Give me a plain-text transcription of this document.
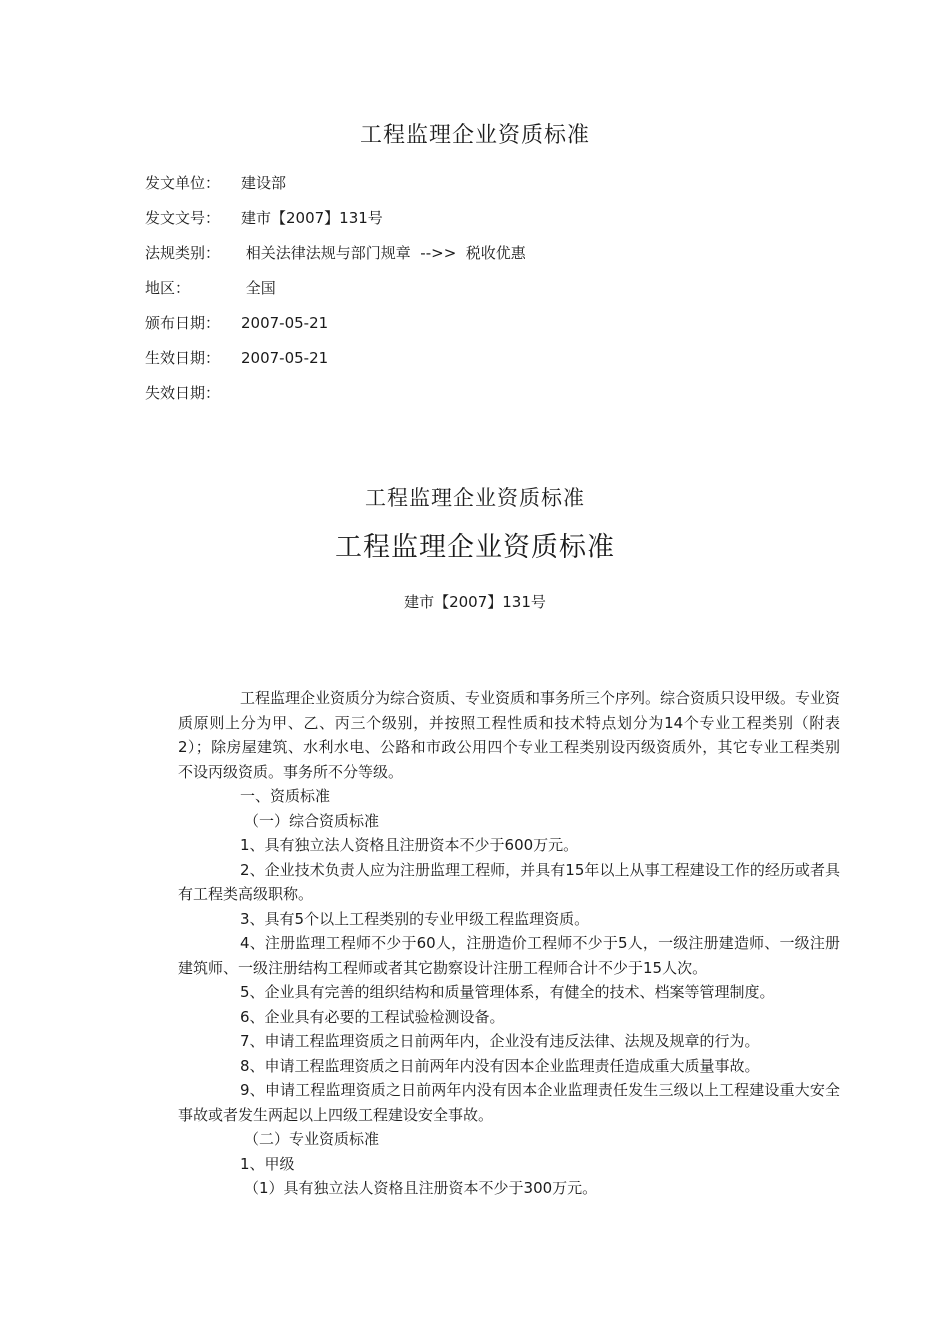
工程监理企业资质标准
发文单位： 建设部
发文文号： 建市【2007】131号
法规类别： 相关法律法规与部门规章  -->>  税收优惠
地区：	全国
颁布日期： 2007-05-21
生效日期： 2007-05-21
失效日期：
工程监理企业资质标准
工程监理企业资质标准
建市【2007】131号

工程监理企业资质分为综合资质、专业资质和事务所三个序列。综合资质只设甲级。专业资质原则上分为甲、乙、丙三个级别，并按照工程性质和技术特点划分为14个专业工程类别（附表2）；除房屋建筑、水利水电、公路和市政公用四个专业工程类别设丙级资质外，其它专业工程类别不设丙级资质。事务所不分等级。

一、资质标准

（一）综合资质标准

1、具有独立法人资格且注册资本不少于600万元。

2、企业技术负责人应为注册监理工程师，并具有15年以上从事工程建设工作的经历或者具有工程类高级职称。

3、具有5个以上工程类别的专业甲级工程监理资质。

4、注册监理工程师不少于60人，注册造价工程师不少于5人，一级注册建造师、一级注册建筑师、一级注册结构工程师或者其它勘察设计注册工程师合计不少于15人次。

5、企业具有完善的组织结构和质量管理体系，有健全的技术、档案等管理制度。

6、企业具有必要的工程试验检测设备。

7、申请工程监理资质之日前两年内，企业没有违反法律、法规及规章的行为。

8、申请工程监理资质之日前两年内没有因本企业监理责任造成重大质量事故。

9、申请工程监理资质之日前两年内没有因本企业监理责任发生三级以上工程建设重大安全事故或者发生两起以上四级工程建设安全事故。

（二）专业资质标准

1、甲级

（1）具有独立法人资格且注册资本不少于300万元。
